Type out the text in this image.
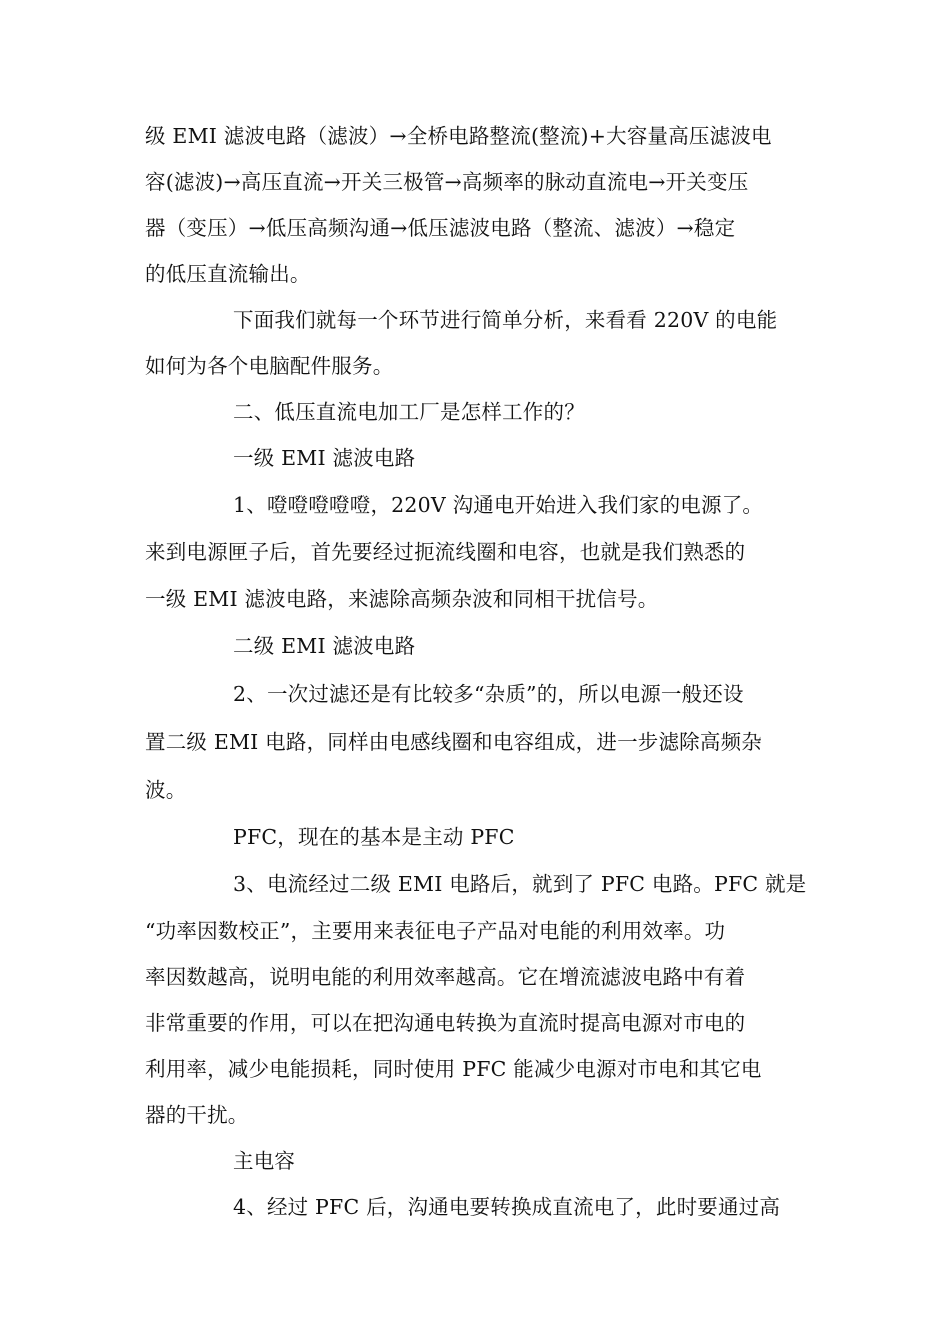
级 EMI 滤波电路（滤波）→全桥电路整流(整流)+大容量高压滤波电
容(滤波)→高压直流→开关三极管→高频率的脉动直流电→开关变压
器（变压）→低压高频沟通→低压滤波电路（整流、滤波）→稳定
的低压直流输出。
下面我们就每一个环节进行简单分析，来看看 220V 的电能
如何为各个电脑配件服务。
二、低压直流电加工厂是怎样工作的？
一级 EMI 滤波电路
1、噔噔噔噔噔，220V 沟通电开始进入我们家的电源了。
来到电源匣子后，首先要经过扼流线圈和电容，也就是我们熟悉的
一级 EMI 滤波电路，来滤除高频杂波和同相干扰信号。
二级 EMI 滤波电路
2、一次过滤还是有比较多“杂质”的，所以电源一般还设
置二级 EMI 电路，同样由电感线圈和电容组成，进一步滤除高频杂
波。
PFC，现在的基本是主动 PFC
3、电流经过二级 EMI 电路后，就到了 PFC 电路。PFC 就是
“功率因数校正”，主要用来表征电子产品对电能的利用效率。功
率因数越高，说明电能的利用效率越高。它在增流滤波电路中有着
非常重要的作用，可以在把沟通电转换为直流时提高电源对市电的
利用率，减少电能损耗，同时使用 PFC 能减少电源对市电和其它电
器的干扰。
主电容
4、经过 PFC 后，沟通电要转换成直流电了，此时要通过高
